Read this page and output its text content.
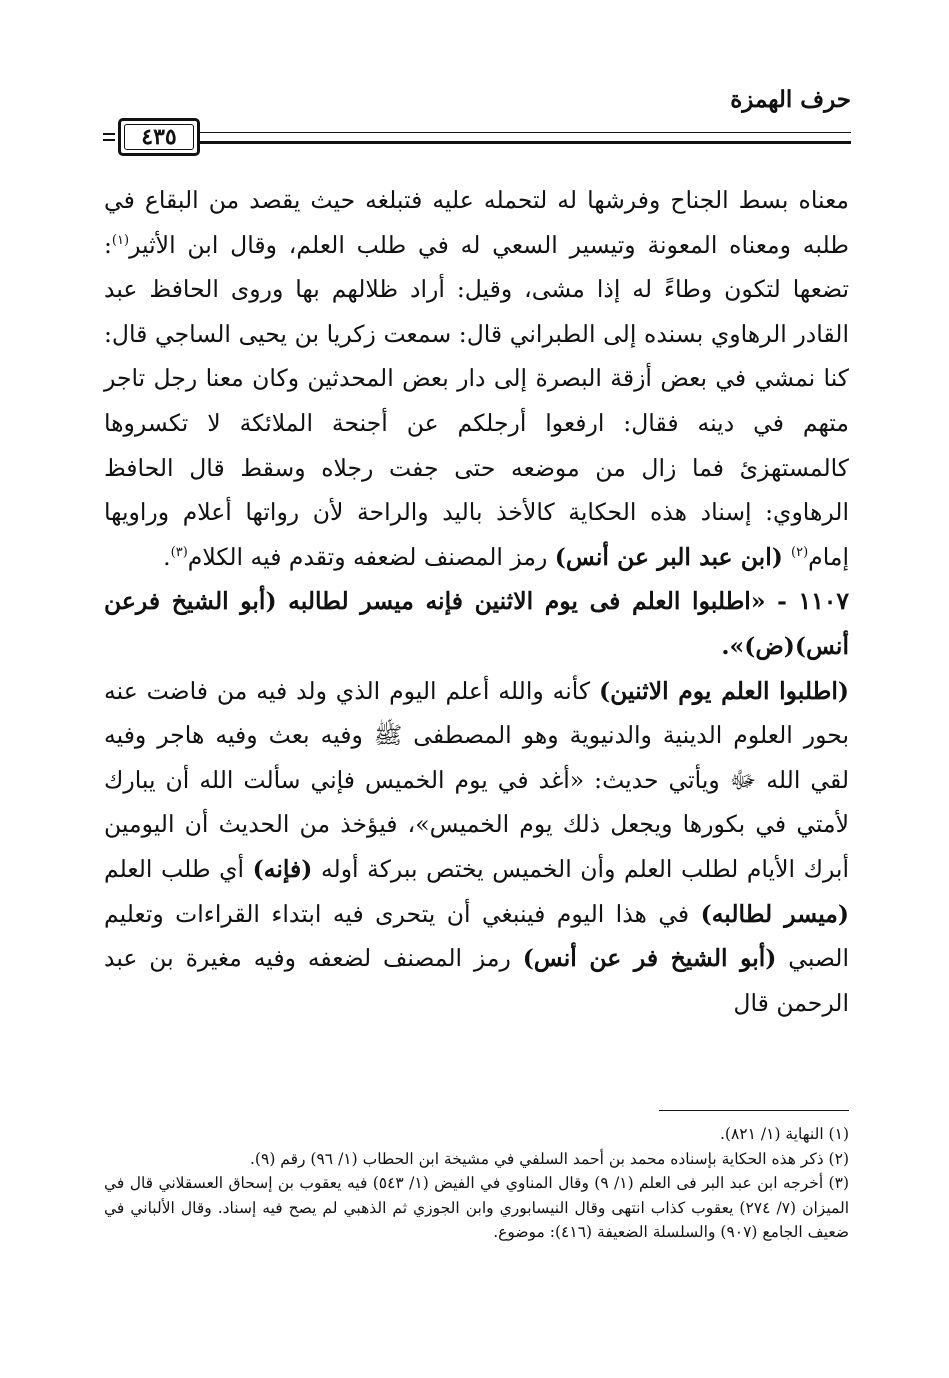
حرف الهمزة
٤٣٥

معناه بسط الجناح وفرشها له لتحمله عليه فتبلغه حيث يقصد من البقاع في طلبه ومعناه المعونة وتيسير السعي له في طلب العلم، وقال ابن الأثير$^{(١)}$: تضعها لتكون وطاءً له إذا مشى، وقيل: أراد ظلالهم بها وروى الحافظ عبد القادر الرهاوي بسنده إلى الطبراني قال: سمعت زكريا بن يحيى الساجي قال: كنا نمشي في بعض أزقة البصرة إلى دار بعض المحدثين وكان معنا رجل تاجر متهم في دينه فقال: ارفعوا أرجلكم عن أجنحة الملائكة لا تكسروها كالمستهزئ فما زال من موضعه حتى جفت رجلاه وسقط قال الحافظ الرهاوي: إسناد هذه الحكاية كالأخذ باليد والراحة لأن رواتها أعلام وراويها إمام$^{(٢)}$ (ابن عبد البر عن أنس) رمز المصنف لضعفه وتقدم فيه الكلام$^{(٣)}$.

١١٠٧ - «اطلبوا العلم فى يوم الاثنين فإنه ميسر لطالبه (أبو الشيخ فرعن أنس)(ض)».

(اطلبوا العلم يوم الاثنين) كأنه والله أعلم اليوم الذي ولد فيه من فاضت عنه بحور العلوم الدينية والدنيوية وهو المصطفى ﷺ وفيه بعث وفيه هاجر وفيه لقي الله ﷻ ويأتي حديث: «أغد في يوم الخميس فإني سألت الله أن يبارك لأمتي في بكورها ويجعل ذلك يوم الخميس»، فيؤخذ من الحديث أن اليومين أبرك الأيام لطلب العلم وأن الخميس يختص ببركة أوله (فإنه) أي طلب العلم (ميسر لطالبه) في هذا اليوم فينبغي أن يتحرى فيه ابتداء القراءات وتعليم الصبي (أبو الشيخ فر عن أنس) رمز المصنف لضعفه وفيه مغيرة بن عبد الرحمن قال

(١) النهاية (١/ ٨٢١).

(٢) ذكر هذه الحكاية بإسناده محمد بن أحمد السلفي في مشيخة ابن الحطاب (١/ ٩٦) رقم (٩).

(٣) أخرجه ابن عبد البر فى العلم (١/ ٩) وقال المناوي في الفيض (١/ ٥٤٣) فيه يعقوب بن إسحاق العسقلاني قال في الميزان (٧/ ٢٧٤) يعقوب كذاب انتهى وقال النيسابوري وابن الجوزي ثم الذهبي لم يصح فيه إسناد. وقال الألباني في ضعيف الجامع (٩٠٧) والسلسلة الضعيفة (٤١٦): موضوع.
